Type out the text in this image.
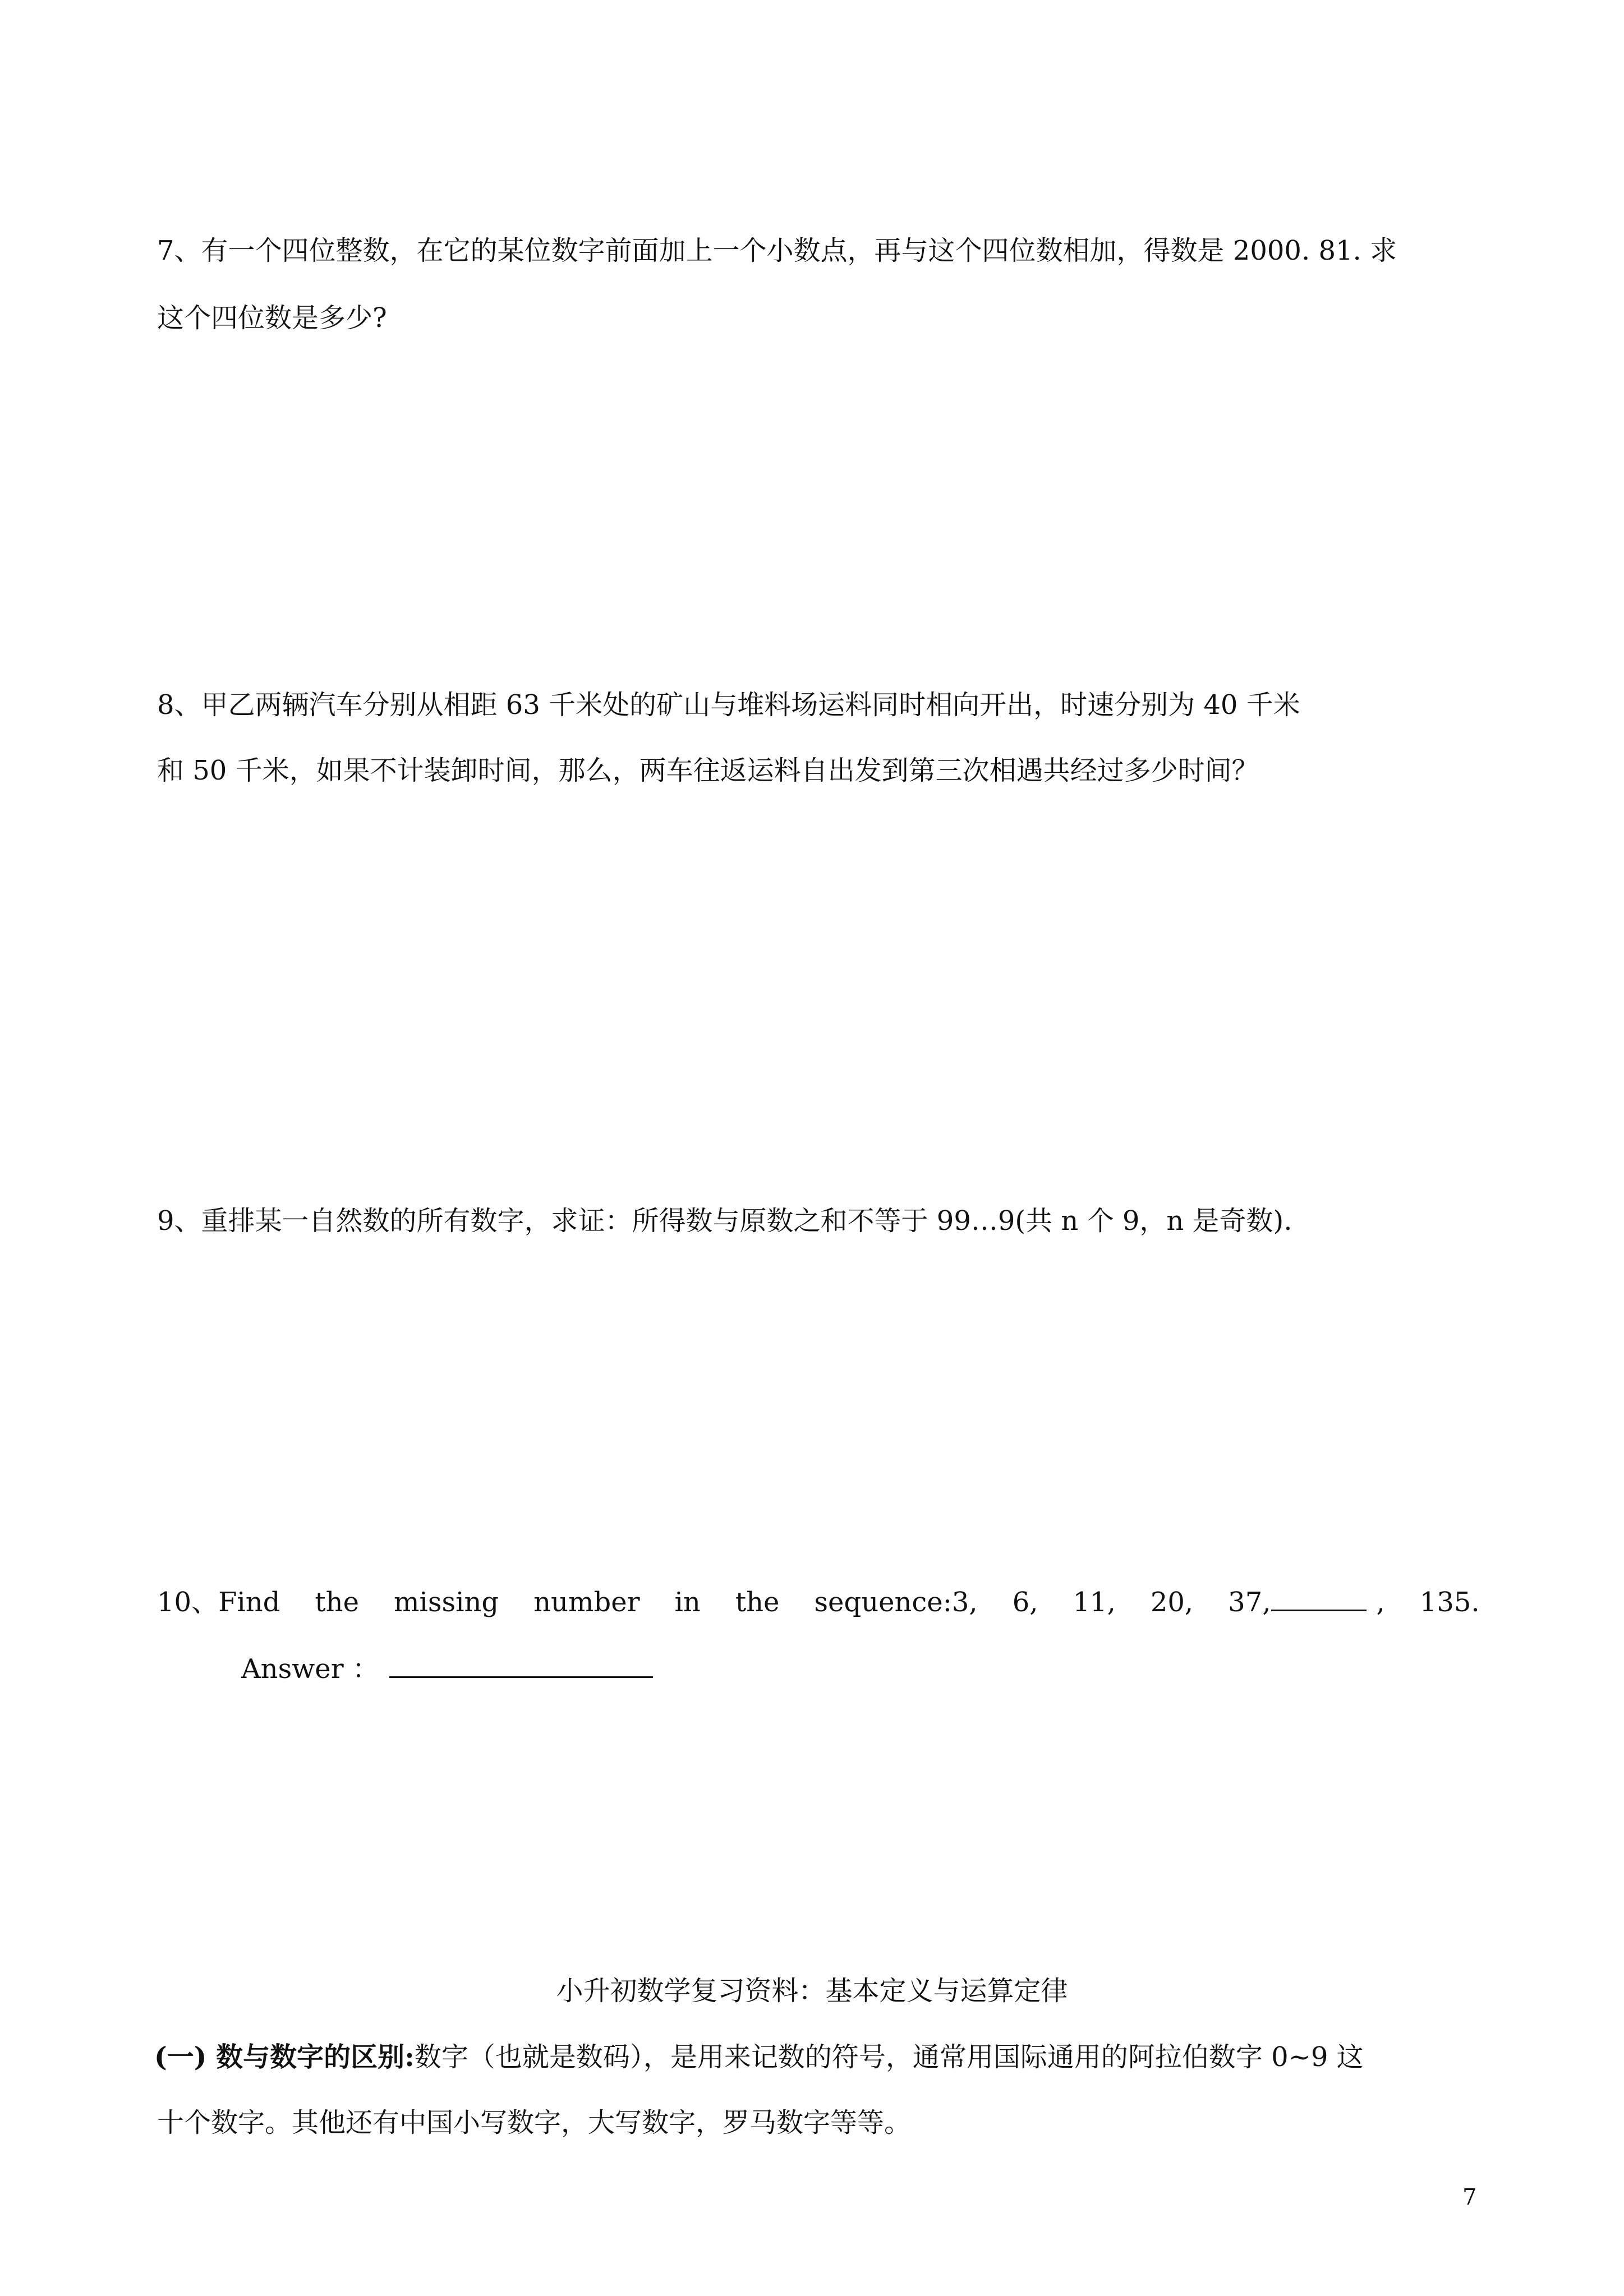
7、有一个四位整数，在它的某位数字前面加上一个小数点，再与这个四位数相加，得数是 2000. 81. 求
这个四位数是多少?
8、甲乙两辆汽车分别从相距 63 千米处的矿山与堆料场运料同时相向开出，时速分别为 40 千米
和 50 千米，如果不计装卸时间，那么，两车往返运料自出发到第三次相遇共经过多少时间？
9、重排某一自然数的所有数字，求证：所得数与原数之和不等于 99…9(共 n 个 9，n 是奇数).
10、Find the missing number in the sequence:3, 6, 11, 20, 37,	, 135.
Answer ：
小升初数学复习资料：基本定义与运算定律
(一) 数与数字的区别:数字（也就是数码），是用来记数的符号，通常用国际通用的阿拉伯数字 0~9 这
十个数字。其他还有中国小写数字，大写数字，罗马数字等等。
7
